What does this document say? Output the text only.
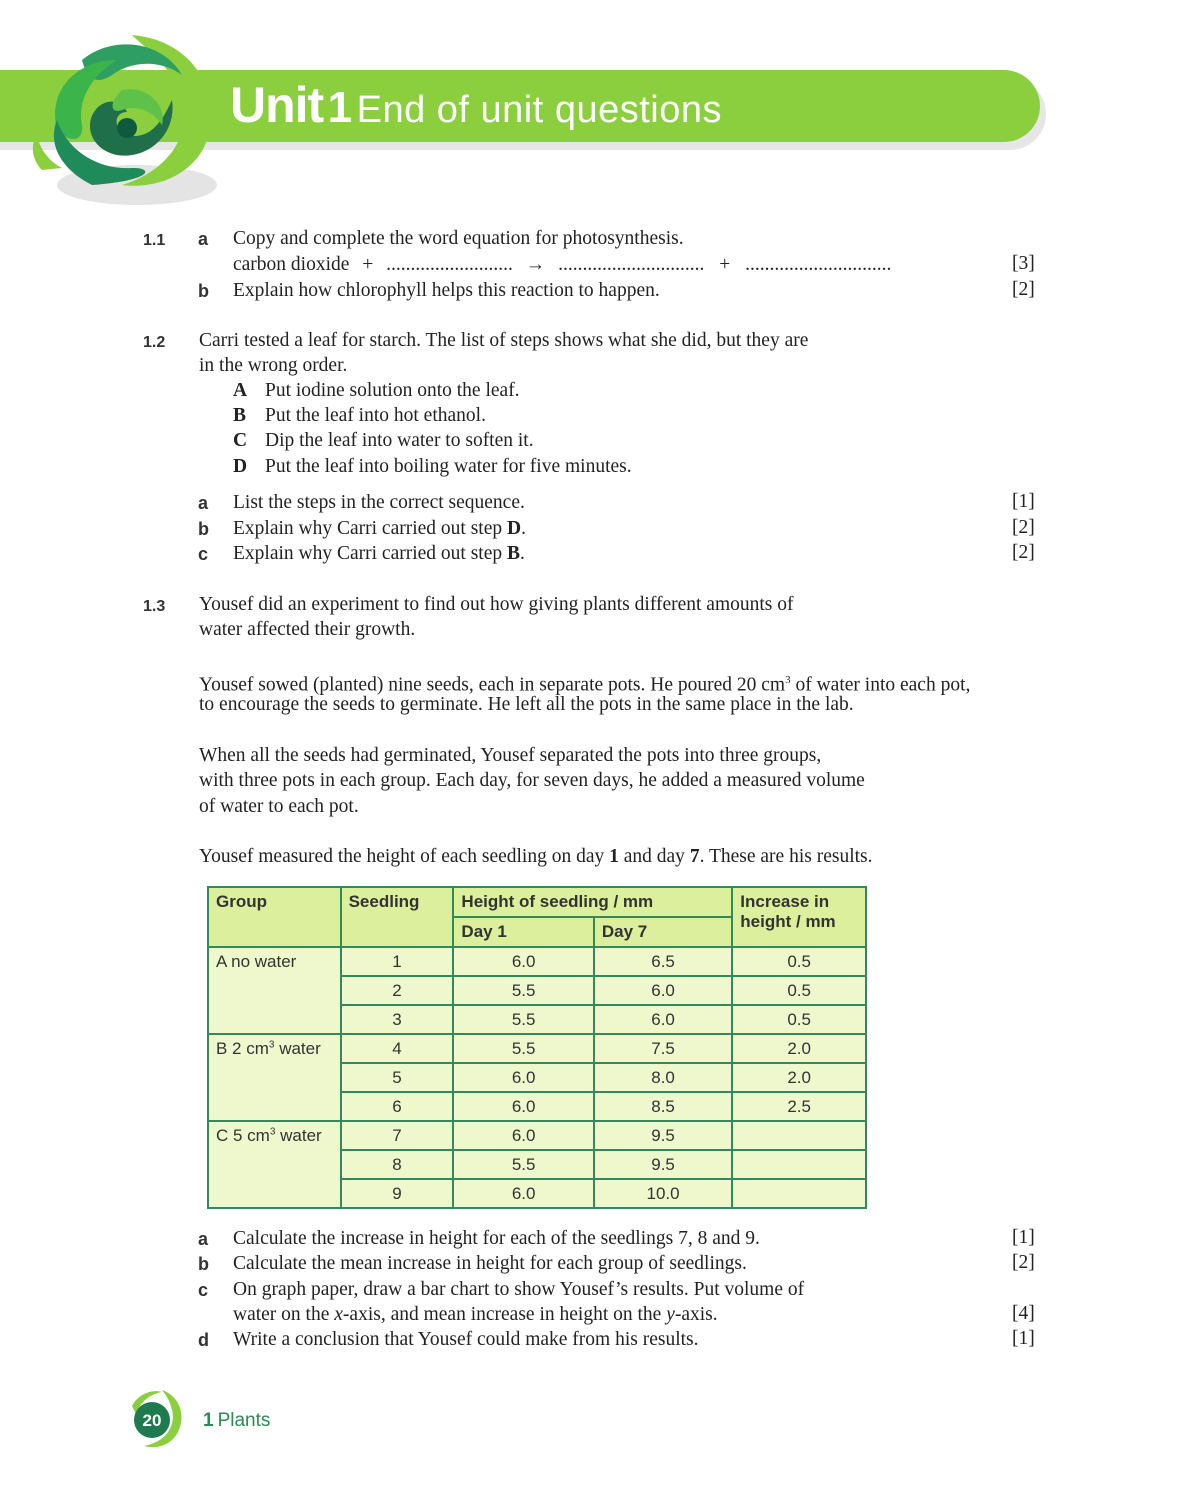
Unit 1 End of unit questions
1.1 a Copy and complete the word equation for photosynthesis.
carbon dioxide + .......................... → .............................. + ..............................	[3]
b Explain how chlorophyll helps this reaction to happen.	[2]
1.2 Carri tested a leaf for starch. The list of steps shows what she did, but they are
in the wrong order.
A Put iodine solution onto the leaf.
B Put the leaf into hot ethanol.
C Dip the leaf into water to soften it.
D Put the leaf into boiling water for five minutes.
a List the steps in the correct sequence.	[1]
b Explain why Carri carried out step D.	[2]
c Explain why Carri carried out step B.	[2]
1.3 Yousef did an experiment to find out how giving plants different amounts of
water affected their growth.
Yousef sowed (planted) nine seeds, each in separate pots. He poured 20 $cm^3$ of water into each pot,
to encourage the seeds to germinate. He left all the pots in the same place in the lab.
When all the seeds had germinated, Yousef separated the pots into three groups,
with three pots in each group. Each day, for seven days, he added a measured volume
of water to each pot.
Yousef measured the height of each seedling on day 1 and day 7. These are his results.
Group	Seedling	Height of seedling / mm		Increase in
height / mm

		Day 1	Day 7	
A no water	1	6.0	6.5	0.5
	2	5.5	6.0	0.5
	3	5.5	6.0	0.5
B 2 $cm^3$ water	4	5.5	7.5	2.0
	5	6.0	8.0	2.0
	6	6.0	8.5	2.5
C 5 $cm^3$ water	7	6.0	9.5	
	8	5.5	9.5	
	9	6.0	10.0	
a Calculate the increase in height for each of the seedlings 7, 8 and 9.	[1]
b Calculate the mean increase in height for each group of seedlings.	[2]
c On graph paper, draw a bar chart to show Yousef’s results. Put volume of
water on the x-axis, and mean increase in height on the y-axis.	[4]
d Write a conclusion that Yousef could make from his results.	[1]
20 1 Plants
